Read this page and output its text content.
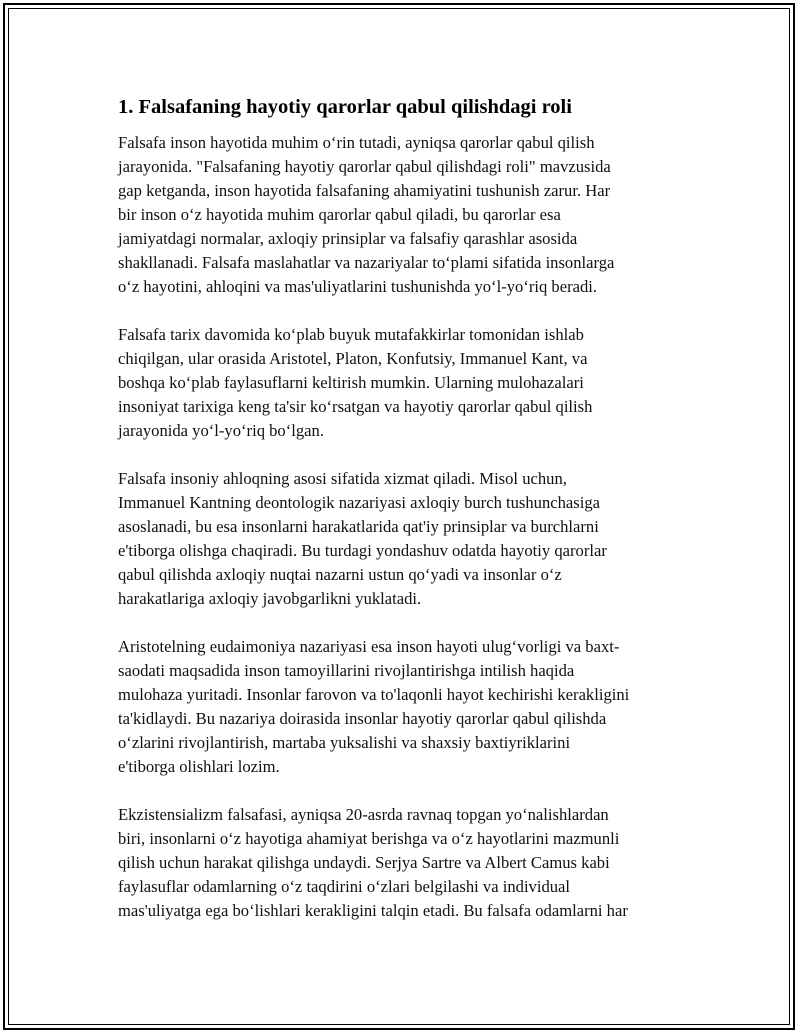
1. Falsafaning hayotiy qarorlar qabul qilishdagi roli

Falsafa inson hayotida muhim o‘rin tutadi, ayniqsa qarorlar qabul qilish
jarayonida. "Falsafaning hayotiy qarorlar qabul qilishdagi roli" mavzusida
gap ketganda, inson hayotida falsafaning ahamiyatini tushunish zarur. Har
bir inson o‘z hayotida muhim qarorlar qabul qiladi, bu qarorlar esa
jamiyatdagi normalar, axloqiy prinsiplar va falsafiy qarashlar asosida
shakllanadi. Falsafa maslahatlar va nazariyalar to‘plami sifatida insonlarga
o‘z hayotini, ahloqini va mas'uliyatlarini tushunishda yo‘l-yo‘riq beradi.

Falsafa tarix davomida ko‘plab buyuk mutafakkirlar tomonidan ishlab
chiqilgan, ular orasida Aristotel, Platon, Konfutsiy, Immanuel Kant, va
boshqa ko‘plab faylasuflarni keltirish mumkin. Ularning mulohazalari
insoniyat tarixiga keng ta'sir ko‘rsatgan va hayotiy qarorlar qabul qilish
jarayonida yo‘l-yo‘riq bo‘lgan.

Falsafa insoniy ahloqning asosi sifatida xizmat qiladi. Misol uchun,
Immanuel Kantning deontologik nazariyasi axloqiy burch tushunchasiga
asoslanadi, bu esa insonlarni harakatlarida qat'iy prinsiplar va burchlarni
e'tiborga olishga chaqiradi. Bu turdagi yondashuv odatda hayotiy qarorlar
qabul qilishda axloqiy nuqtai nazarni ustun qo‘yadi va insonlar o‘z
harakatlariga axloqiy javobgarlikni yuklatadi.

Aristotelning eudaimoniya nazariyasi esa inson hayoti ulug‘vorligi va baxt-
saodati maqsadida inson tamoyillarini rivojlantirishga intilish haqida
mulohaza yuritadi. Insonlar farovon va to'laqonli hayot kechirishi kerakligini
ta'kidlaydi. Bu nazariya doirasida insonlar hayotiy qarorlar qabul qilishda
o‘zlarini rivojlantirish, martaba yuksalishi va shaxsiy baxtiyriklarini
e'tiborga olishlari lozim.

Ekzistensializm falsafasi, ayniqsa 20-asrda ravnaq topgan yo‘nalishlardan
biri, insonlarni o‘z hayotiga ahamiyat berishga va o‘z hayotlarini mazmunli
qilish uchun harakat qilishga undaydi. Serjya Sartre va Albert Camus kabi
faylasuflar odamlarning o‘z taqdirini o‘zlari belgilashi va individual
mas'uliyatga ega bo‘lishlari kerakligini talqin etadi. Bu falsafa odamlarni har
